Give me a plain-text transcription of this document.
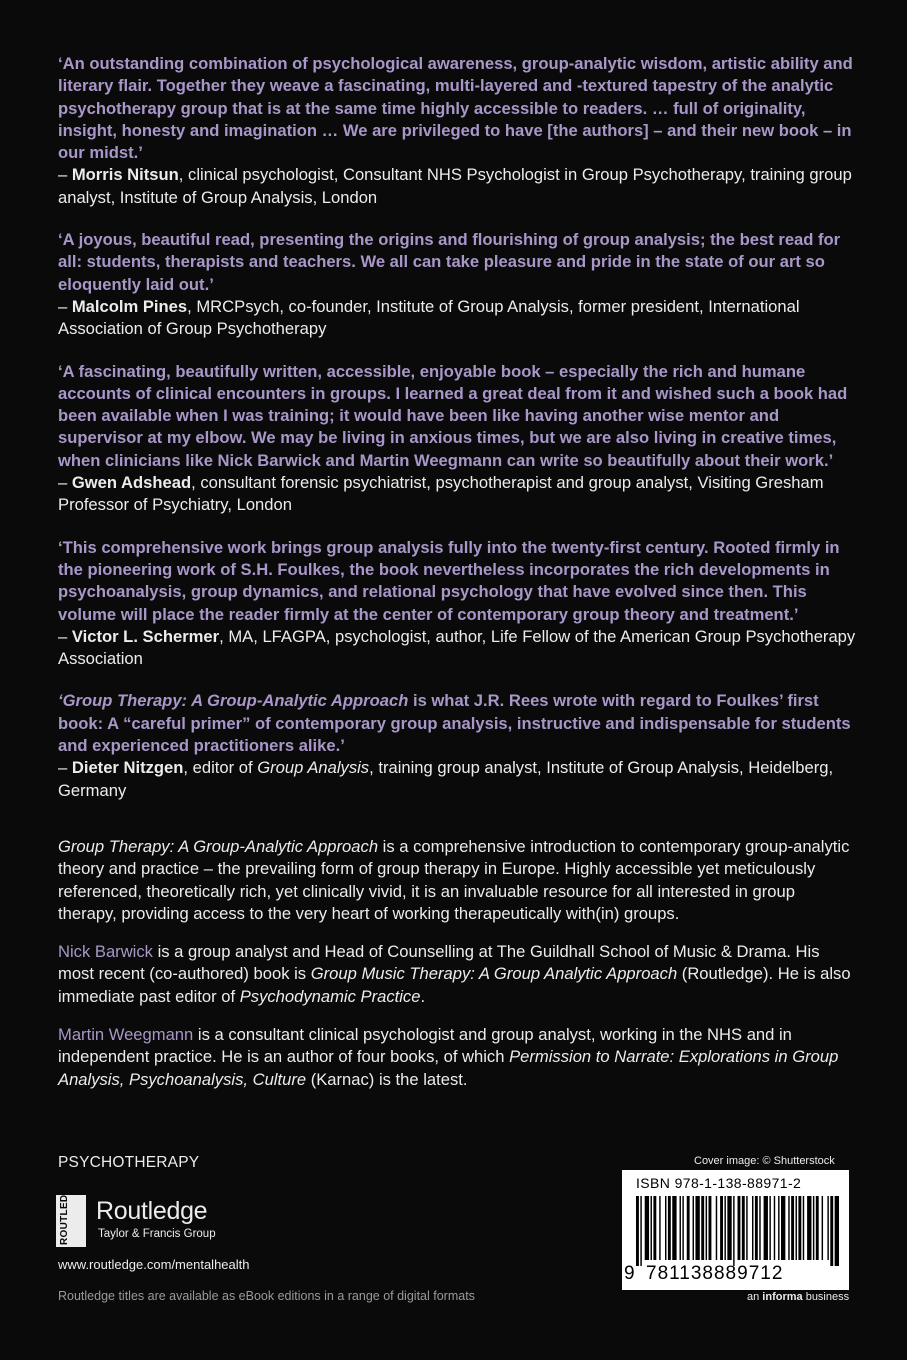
‘An outstanding combination of psychological awareness, group-analytic wisdom, artistic ability and literary flair. Together they weave a fascinating, multi-layered and -textured tapestry of the analytic psychotherapy group that is at the same time highly accessible to readers. … full of originality, insight, honesty and imagination … We are privileged to have [the authors] – and their new book – in our midst.’

– Morris Nitsun, clinical psychologist, Consultant NHS Psychologist in Group Psychotherapy, training group analyst, Institute of Group Analysis, London

‘A joyous, beautiful read, presenting the origins and flourishing of group analysis; the best read for all: students, therapists and teachers. We all can take pleasure and pride in the state of our art so eloquently laid out.’

– Malcolm Pines, MRCPsych, co-founder, Institute of Group Analysis, former president, International Association of Group Psychotherapy

‘A fascinating, beautifully written, accessible, enjoyable book – especially the rich and humane accounts of clinical encounters in groups. I learned a great deal from it and wished such a book had been available when I was training; it would have been like having another wise mentor and supervisor at my elbow. We may be living in anxious times, but we are also living in creative times, when clinicians like Nick Barwick and Martin Weegmann can write so beautifully about their work.’

– Gwen Adshead, consultant forensic psychiatrist, psychotherapist and group analyst, Visiting Gresham Professor of Psychiatry, London

‘This comprehensive work brings group analysis fully into the twenty-first century. Rooted firmly in the pioneering work of S.H. Foulkes, the book nevertheless incorporates the rich developments in psychoanalysis, group dynamics, and relational psychology that have evolved since then. This volume will place the reader firmly at the center of contemporary group theory and treatment.’

– Victor L. Schermer, MA, LFAGPA, psychologist, author, Life Fellow of the American Group Psychotherapy Association

‘Group Therapy: A Group-Analytic Approach is what J.R. Rees wrote with regard to Foulkes’ first book: A “careful primer” of contemporary group analysis, instructive and indispensable for students and experienced practitioners alike.’

– Dieter Nitzgen, editor of Group Analysis, training group analyst, Institute of Group Analysis, Heidelberg, Germany

Group Therapy: A Group-Analytic Approach is a comprehensive introduction to contemporary group-analytic theory and practice – the prevailing form of group therapy in Europe. Highly accessible yet meticulously referenced, theoretically rich, yet clinically vivid, it is an invaluable resource for all interested in group therapy, providing access to the very heart of working therapeutically with(in) groups.

Nick Barwick is a group analyst and Head of Counselling at The Guildhall School of Music & Drama. His most recent (co-authored) book is Group Music Therapy: A Group Analytic Approach (Routledge). He is also immediate past editor of Psychodynamic Practice.

Martin Weegmann is a consultant clinical psychologist and group analyst, working in the NHS and in independent practice. He is an author of four books, of which Permission to Narrate: Explorations in Group Analysis, Psychoanalysis, Culture (Karnac) is the latest.

PSYCHOTHERAPY
ROUTLEDGE Routledge
Taylor & Francis Group
www.routledge.com/mentalhealth
Routledge titles are available as eBook editions in a range of digital formats
Cover image: © Shutterstock
ISBN 978-1-138-88971-2
9 781138889712
an informa business
